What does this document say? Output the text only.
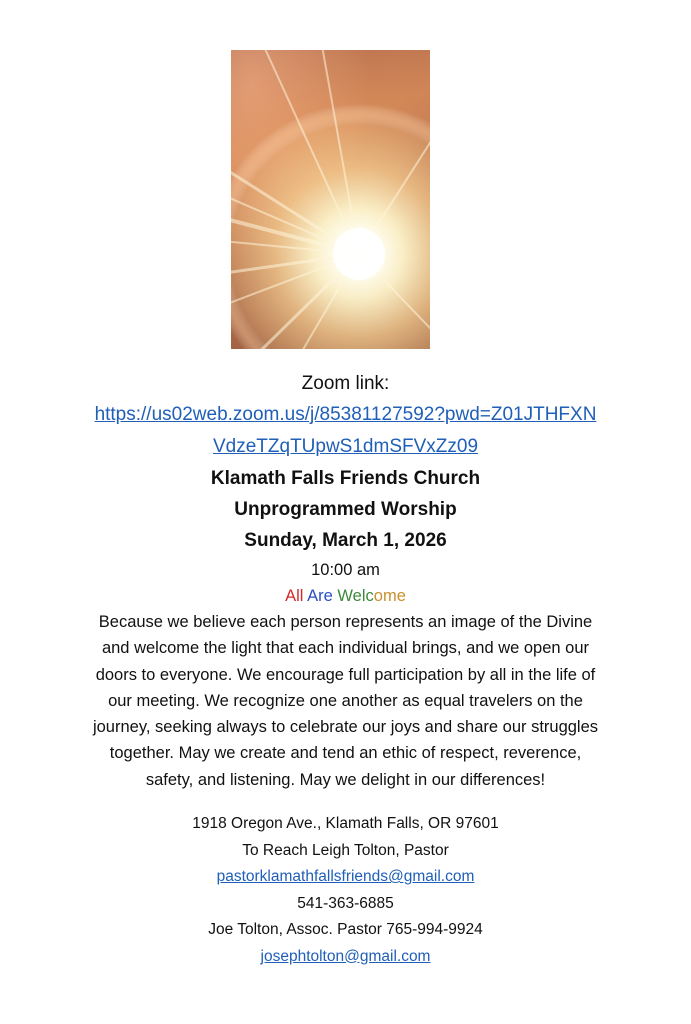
Zoom link:
https://us02web.zoom.us/j/85381127592?pwd=Z01JTHFXN
VdzeTZqTUpwS1dmSFVxZz09
Klamath Falls Friends Church
Unprogrammed Worship
Sunday, March 1, 2026
10:00 am
All Are Welcome
Because we believe each person represents an image of the Divine
and welcome the light that each individual brings, and we open our
doors to everyone. We encourage full participation by all in the life of
our meeting. We recognize one another as equal travelers on the
journey, seeking always to celebrate our joys and share our struggles
together. May we create and tend an ethic of respect, reverence,
safety, and listening. May we delight in our differences!
1918 Oregon Ave., Klamath Falls, OR 97601
To Reach Leigh Tolton, Pastor
pastorklamathfallsfriends@gmail.com
541-363-6885
Joe Tolton, Assoc. Pastor 765-994-9924
josephtolton@gmail.com
